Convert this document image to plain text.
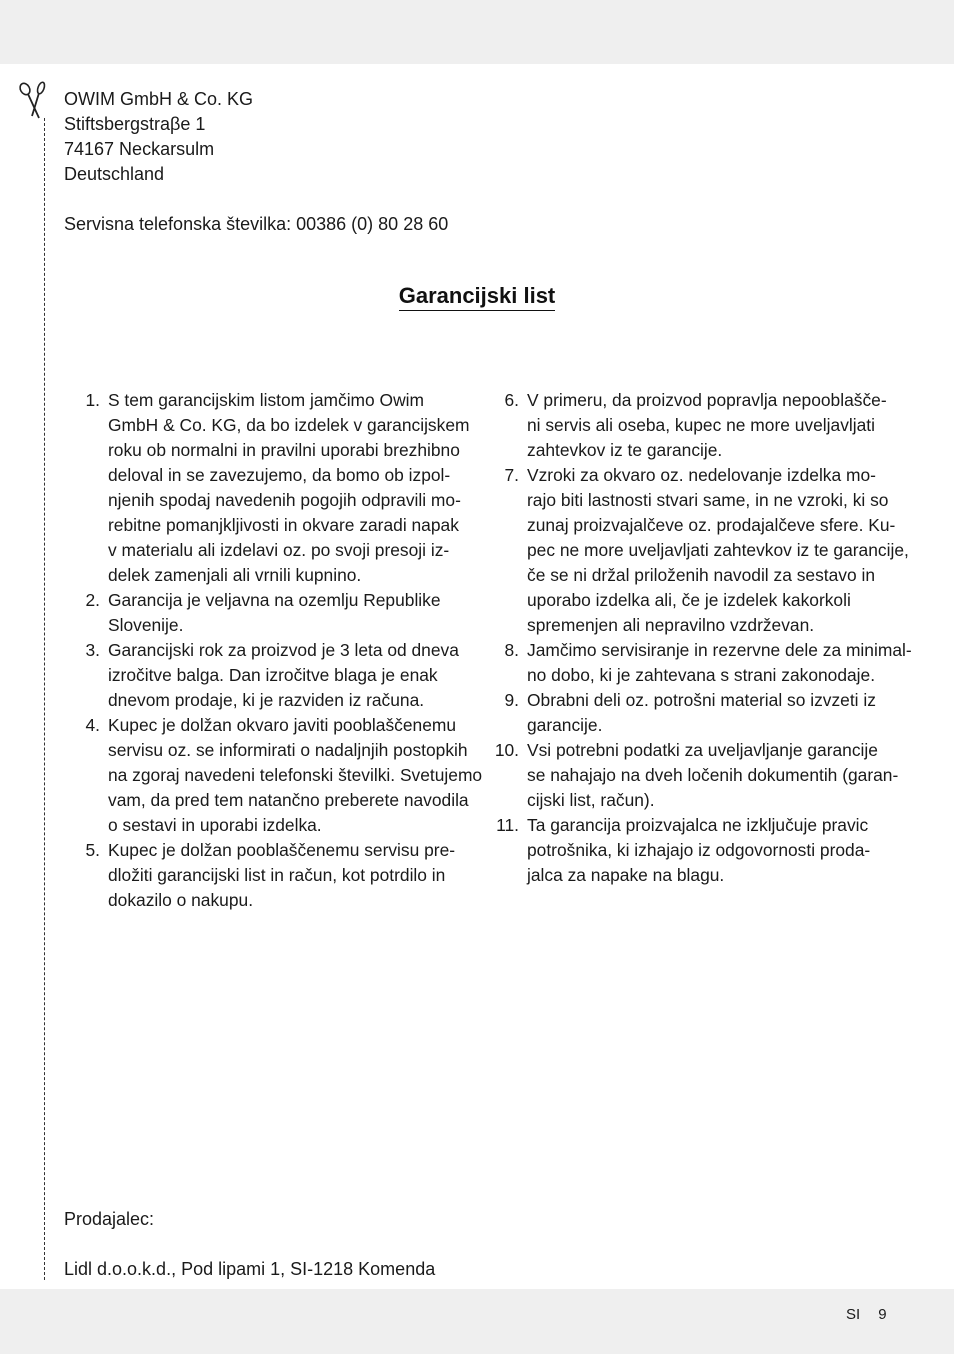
OWIM GmbH & Co. KG
Stiftsbergstraβe 1
74167 Neckarsulm
Deutschland
Servisna telefonska številka: 00386 (0) 80 28 60
Garancijski list
1. S tem garancijskim listom jamčimo Owim
GmbH & Co. KG, da bo izdelek v garancijskem
roku ob normalni in pravilni uporabi brezhibno
deloval in se zavezujemo, da bomo ob izpol-
njenih spodaj navedenih pogojih odpravili mo-
rebitne pomanjkljivosti in okvare zaradi napak
v materialu ali izdelavi oz. po svoji presoji iz-
delek zamenjali ali vrnili kupnino.
2. Garancija je veljavna na ozemlju Republike
Slovenije.
3. Garancijski rok za proizvod je 3 leta od dneva
izročitve balga. Dan izročitve blaga je enak
dnevom prodaje, ki je razviden iz računa.
4. Kupec je dolžan okvaro javiti pooblaščenemu
servisu oz. se informirati o nadaljnjih postopkih
na zgoraj navedeni telefonski številki. Svetujemo
vam, da pred tem natančno preberete navodila
o sestavi in uporabi izdelka.
5. Kupec je dolžan pooblaščenemu servisu pre-
dložiti garancijski list in račun, kot potrdilo in
dokazilo o nakupu.
6. V primeru, da proizvod popravlja nepooblašče-
ni servis ali oseba, kupec ne more uveljavljati
zahtevkov iz te garancije.
7. Vzroki za okvaro oz. nedelovanje izdelka mo-
rajo biti lastnosti stvari same, in ne vzroki, ki so
zunaj proizvajalčeve oz. prodajalčeve sfere. Ku-
pec ne more uveljavljati zahtevkov iz te garancije,
če se ni držal priloženih navodil za sestavo in
uporabo izdelka ali, če je izdelek kakorkoli
spremenjen ali nepravilno vzdrževan.
8. Jamčimo servisiranje in rezervne dele za minimal-
no dobo, ki je zahtevana s strani zakonodaje.
9. Obrabni deli oz. potrošni material so izvzeti iz
garancije.
10. Vsi potrebni podatki za uveljavljanje garancije
se nahajajo na dveh ločenih dokumentih (garan-
cijski list, račun).
11. Ta garancija proizvajalca ne izključuje pravic
potrošnika, ki izhajajo iz odgovornosti proda-
jalca za napake na blagu.
Prodajalec:
Lidl d.o.o.k.d., Pod lipami 1, SI-1218 Komenda
SI 9
